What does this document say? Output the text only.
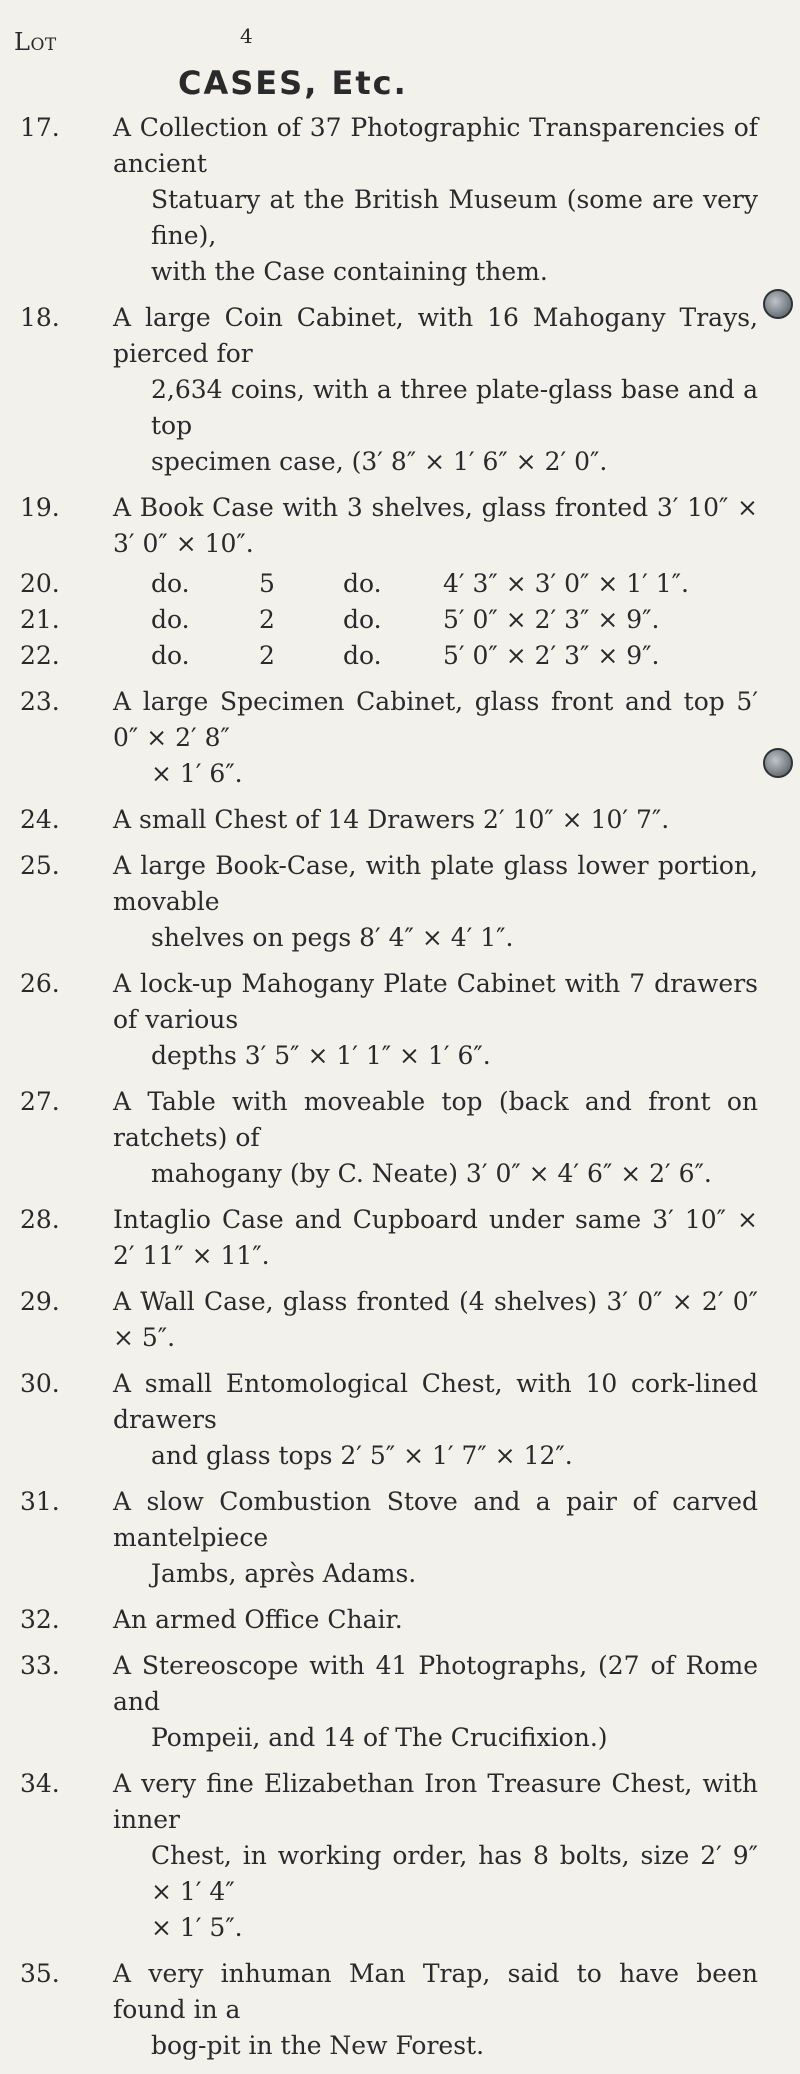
Lot	4
CASES, Etc.
17.	A Collection of 37 Photographic Transparencies of ancient
Statuary at the British Museum (some are very fine),
with the Case containing them.
18.	A large Coin Cabinet, with 16 Mahogany Trays, pierced for
2,634 coins, with a three plate-glass base and a top
specimen case, (3′ 8″ × 1′ 6″ × 2′ 0″.
19.	A Book Case with 3 shelves, glass fronted 3′ 10″ × 3′ 0″ × 10″.
20.	do.	5	do. 4′ 3″ × 3′ 0″ × 1′ 1″.
21.	do.	2	do. 5′ 0″ × 2′ 3″ × 9″.
22.	do.	2	do. 5′ 0″ × 2′ 3″ × 9″.
23.	A large Specimen Cabinet, glass front and top 5′ 0″ × 2′ 8″
× 1′ 6″.
24.	A small Chest of 14 Drawers 2′ 10″ × 10′ 7″.
25.	A large Book-Case, with plate glass lower portion, movable
shelves on pegs 8′ 4″ × 4′ 1″.
26.	A lock-up Mahogany Plate Cabinet with 7 drawers of various
depths 3′ 5″ × 1′ 1″ × 1′ 6″.
27.	A Table with moveable top (back and front on ratchets) of
mahogany (by C. Neate) 3′ 0″ × 4′ 6″ × 2′ 6″.
28.	Intaglio Case and Cupboard under same 3′ 10″ × 2′ 11″ × 11″.
29.	A Wall Case, glass fronted (4 shelves) 3′ 0″ × 2′ 0″ × 5″.
30.	A small Entomological Chest, with 10 cork-lined drawers
and glass tops 2′ 5″ × 1′ 7″ × 12″.
31.	A slow Combustion Stove and a pair of carved mantelpiece
Jambs, après Adams.
32.	An armed Office Chair.
33.	A Stereoscope with 41 Photographs, (27 of Rome and
Pompeii, and 14 of The Crucifixion.)
34.	A very fine Elizabethan Iron Treasure Chest, with inner
Chest, in working order, has 8 bolts, size 2′ 9″ × 1′ 4″
× 1′ 5″.
35.	A very inhuman Man Trap, said to have been found in a
bog-pit in the New Forest.
